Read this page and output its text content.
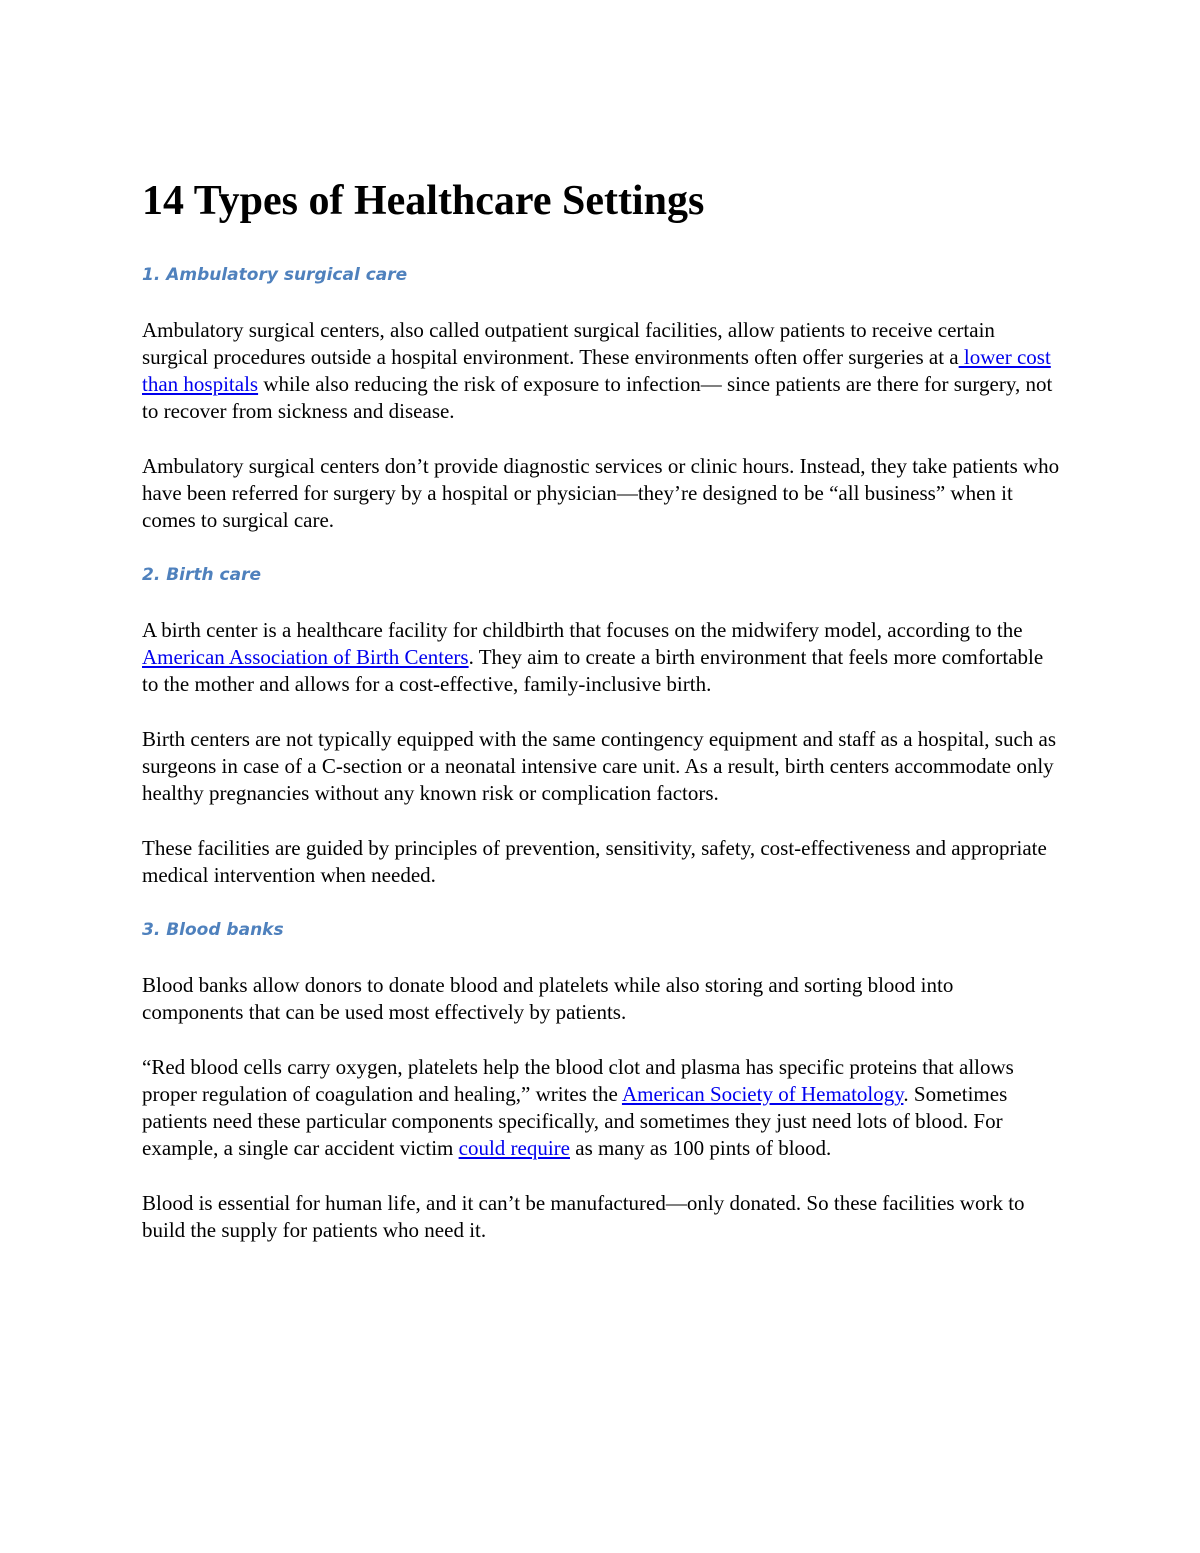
14 Types of Healthcare Settings
1. Ambulatory surgical care

Ambulatory surgical centers, also called outpatient surgical facilities, allow patients to receive certain surgical procedures outside a hospital environment. These environments often offer surgeries at a lower cost than hospitals while also reducing the risk of exposure to infection— since patients are there for surgery, not to recover from sickness and disease.

Ambulatory surgical centers don’t provide diagnostic services or clinic hours. Instead, they take patients who have been referred for surgery by a hospital or physician—they’re designed to be “all business” when it comes to surgical care.

2. Birth care

A birth center is a healthcare facility for childbirth that focuses on the midwifery model, according to the American Association of Birth Centers. They aim to create a birth environment that feels more comfortable to the mother and allows for a cost-effective, family-inclusive birth.

Birth centers are not typically equipped with the same contingency equipment and staff as a hospital, such as surgeons in case of a C-section or a neonatal intensive care unit. As a result, birth centers accommodate only healthy pregnancies without any known risk or complication factors.

These facilities are guided by principles of prevention, sensitivity, safety, cost-effectiveness and appropriate medical intervention when needed.

3. Blood banks

Blood banks allow donors to donate blood and platelets while also storing and sorting blood into components that can be used most effectively by patients.

“Red blood cells carry oxygen, platelets help the blood clot and plasma has specific proteins that allows proper regulation of coagulation and healing,” writes the American Society of Hematology. Sometimes patients need these particular components specifically, and sometimes they just need lots of blood. For example, a single car accident victim could require as many as 100 pints of blood.

Blood is essential for human life, and it can’t be manufactured—only donated. So these facilities work to build the supply for patients who need it.
